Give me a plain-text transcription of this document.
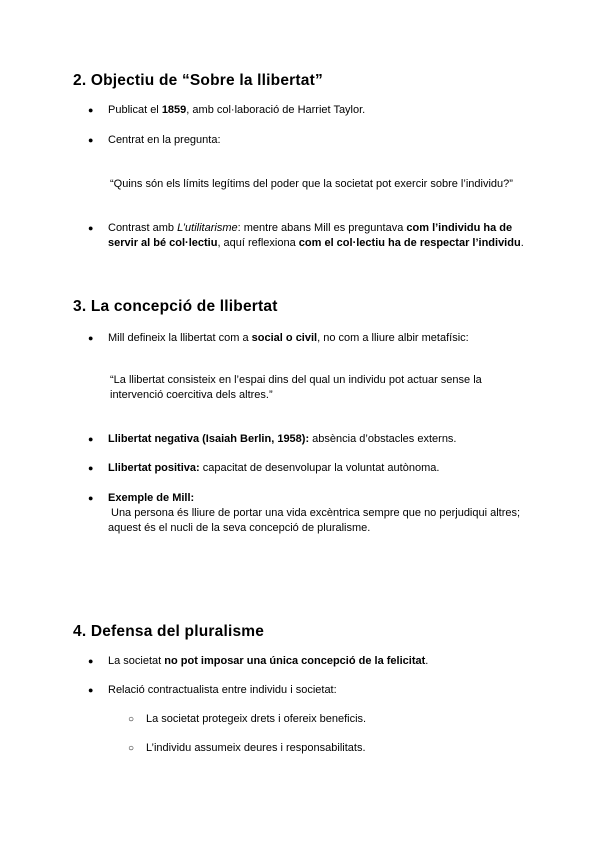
2. Objectiu de “Sobre la llibertat”
● Publicat el 1859, amb col·laboració de Harriet Taylor.
● Centrat en la pregunta:
“Quins són els límits legítims del poder que la societat pot exercir sobre l’individu?”
● Contrast amb L’utilitarisme: mentre abans Mill es preguntava com l’individu ha de servir al bé col·lectiu, aquí reflexiona com el col·lectiu ha de respectar l’individu.
3. La concepció de llibertat
● Mill defineix la llibertat com a social o civil, no com a lliure albir metafísic:
“La llibertat consisteix en l’espai dins del qual un individu pot actuar sense la intervenció coercitiva dels altres.”
● Llibertat negativa (Isaiah Berlin, 1958): absència d’obstacles externs.
● Llibertat positiva: capacitat de desenvolupar la voluntat autònoma.
● Exemple de Mill:
Una persona és lliure de portar una vida excèntrica sempre que no perjudiqui altres; aquest és el nucli de la seva concepció de pluralisme.
4. Defensa del pluralisme
● La societat no pot imposar una única concepció de la felicitat.
● Relació contractualista entre individu i societat:
○ La societat protegeix drets i ofereix beneficis.
○ L’individu assumeix deures i responsabilitats.
